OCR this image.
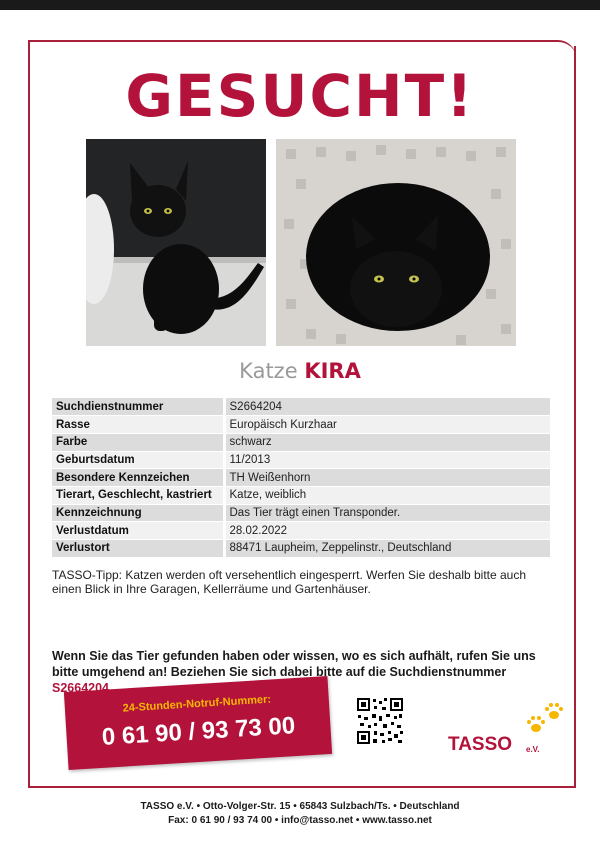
GESUCHT!
Katze KIRA
Suchdienstnummer	S2664204
Rasse	Europäisch Kurzhaar
Farbe	schwarz
Geburtsdatum	11/2013
Besondere Kennzeichen	TH Weißenhorn
Tierart, Geschlecht, kastriert	Katze, weiblich
Kennzeichnung	Das Tier trägt einen Transponder.
Verlustdatum	28.02.2022
Verlustort	88471 Laupheim, Zeppelinstr., Deutschland
TASSO-Tipp: Katzen werden oft versehentlich eingesperrt. Werfen Sie deshalb bitte auch einen Blick in Ihre Garagen, Kellerräume und Gartenhäuser.
Wenn Sie das Tier gefunden haben oder wissen, wo es sich aufhält, rufen Sie uns bitte umgehend an! Beziehen Sie sich dabei bitte auf die Suchdienstnummer S2664204.
24-Stunden-Notruf-Nummer:
0 61 90 / 93 73 00	TASSO e.V.
TASSO e.V. • Otto-Volger-Str. 15 • 65843 Sulzbach/Ts. • Deutschland
Fax: 0 61 90 / 93 74 00 • info@tasso.net • www.tasso.net
